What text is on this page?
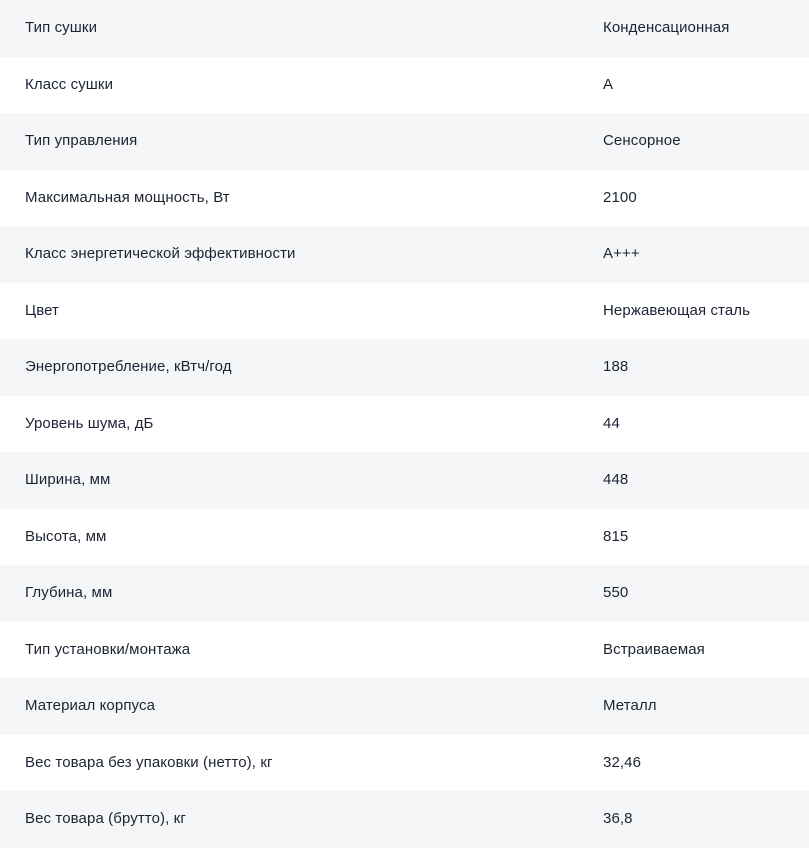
Тип сушки	Конденсационная
Класс сушки	A
Тип управления	Сенсорное
Максимальная мощность, Вт	2100
Класс энергетической эффективности	A+++
Цвет	Нержавеющая сталь
Энергопотребление, кВтч/год	188
Уровень шума, дБ	44
Ширина, мм	448
Высота, мм	815
Глубина, мм	550
Тип установки/монтажа	Встраиваемая
Материал корпуса	Металл
Вес товара без упаковки (нетто), кг	32,46
Вес товара (брутто), кг	36,8
